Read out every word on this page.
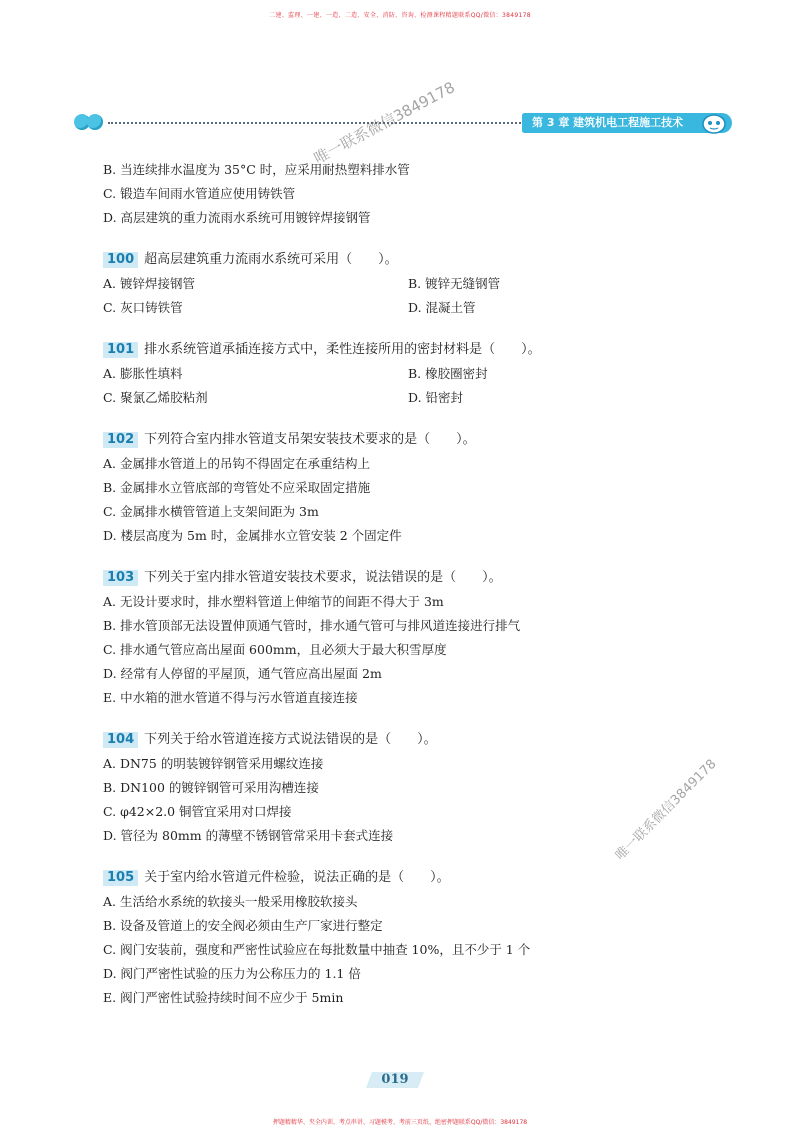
二建、监理、一建、一造、二造、安全、消防、咨询、检测课程精题联系QQ/微信：3849178
第 3 章 建筑机电工程施工技术
唯一联系微信3849178
唯一联系微信3849178
B. 当连续排水温度为 35°C 时，应采用耐热塑料排水管
C. 锻造车间雨水管道应使用铸铁管
D. 高层建筑的重力流雨水系统可用镀锌焊接钢管
100 超高层建筑重力流雨水系统可采用（　　）。
A. 镀锌焊接钢管	B. 镀锌无缝钢管
C. 灰口铸铁管	D. 混凝土管
101 排水系统管道承插连接方式中，柔性连接所用的密封材料是（　　）。
A. 膨胀性填料	B. 橡胶圈密封
C. 聚氯乙烯胶粘剂	D. 铅密封
102 下列符合室内排水管道支吊架安装技术要求的是（　　）。
A. 金属排水管道上的吊钩不得固定在承重结构上
B. 金属排水立管底部的弯管处不应采取固定措施
C. 金属排水横管管道上支架间距为 3m
D. 楼层高度为 5m 时，金属排水立管安装 2 个固定件
103 下列关于室内排水管道安装技术要求，说法错误的是（　　）。
A. 无设计要求时，排水塑料管道上伸缩节的间距不得大于 3m
B. 排水管顶部无法设置伸顶通气管时，排水通气管可与排风道连接进行排气
C. 排水通气管应高出屋面 600mm，且必须大于最大积雪厚度
D. 经常有人停留的平屋顶，通气管应高出屋面 2m
E. 中水箱的泄水管道不得与污水管道直接连接
104 下列关于给水管道连接方式说法错误的是（　　）。
A. DN75 的明装镀锌钢管采用螺纹连接
B. DN100 的镀锌钢管可采用沟槽连接
C. φ42×2.0 铜管宜采用对口焊接
D. 管径为 80mm 的薄壁不锈钢管常采用卡套式连接
105 关于室内给水管道元件检验，说法正确的是（　　）。
A. 生活给水系统的软接头一般采用橡胶软接头
B. 设备及管道上的安全阀必须由生产厂家进行整定
C. 阀门安装前，强度和严密性试验应在每批数量中抽查 10%，且不少于 1 个
D. 阀门严密性试验的压力为公称压力的 1.1 倍
E. 阀门严密性试验持续时间不应少于 5min
019
押题精精华、夹全内训、考点串讲、习题模考、考前三页纸、绝密押题联系QQ/微信：3849178
